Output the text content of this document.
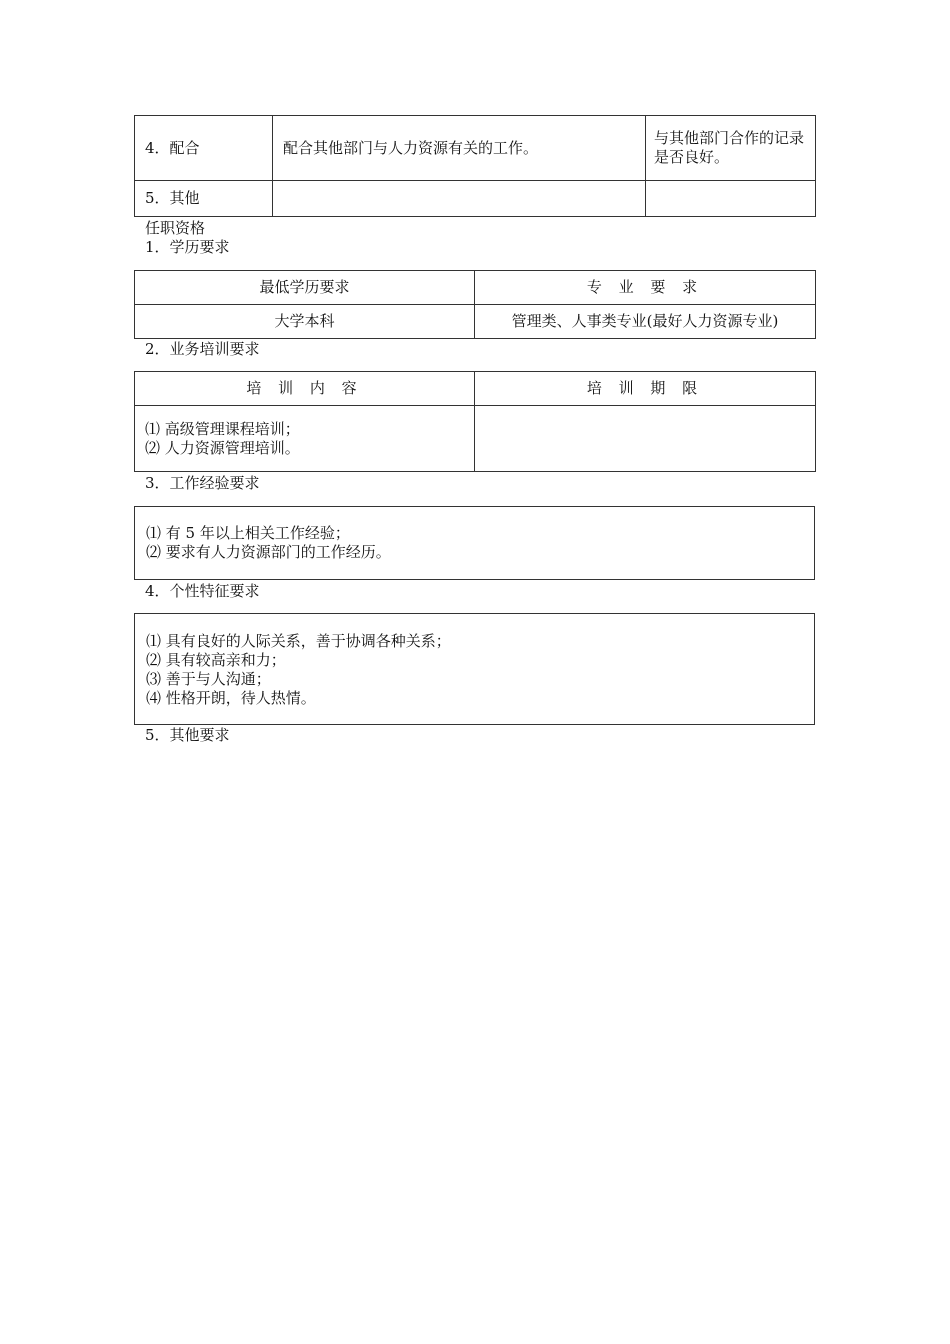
4．配合	配合其他部门与人力资源有关的工作。	与其他部门合作的记录是否良好。
5．其他		
任职资格
1．学历要求
最低学历要求	专 业 要 求
大学本科	管理类、人事类专业(最好人力资源专业)
2．业务培训要求
培 训 内 容	培 训 期 限

⑴ 高级管理课程培训；
⑵ 人力资源管理培训。	

3．工作经验要求
⑴ 有 5 年以上相关工作经验；
⑵ 要求有人力资源部门的工作经历。
4．个性特征要求
⑴ 具有良好的人际关系，善于协调各种关系；
⑵ 具有较高亲和力；
⑶ 善于与人沟通；
⑷ 性格开朗，待人热情。
5．其他要求
